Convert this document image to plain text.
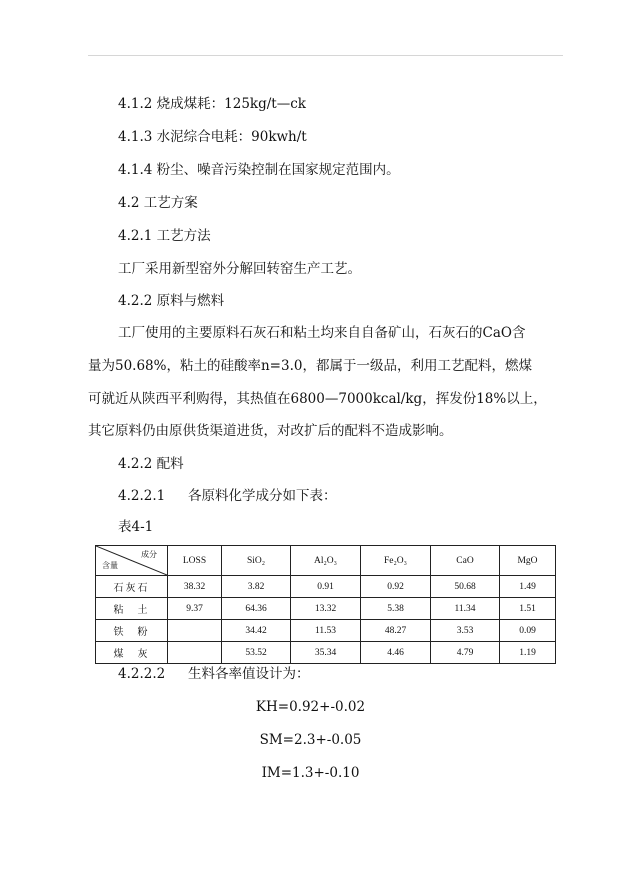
4.1.2 烧成煤耗：125kg/t—ck
4.1.3 水泥综合电耗：90kwh/t
4.1.4 粉尘、噪音污染控制在国家规定范围内。
4.2 工艺方案
4.2.1 工艺方法
工厂采用新型窑外分解回转窑生产工艺。
4.2.2 原料与燃料
工厂使用的主要原料石灰石和粘土均来自自备矿山，石灰石的CaO含
量为50.68%，粘土的硅酸率n=3.0，都属于一级品，利用工艺配料，燃煤
可就近从陕西平利购得，其热值在6800—7000kcal/kg，挥发份18%以上，
其它原料仍由原供货渠道进货，对改扩后的配料不造成影响。
4.2.2 配料
4.2.2.1 各原料化学成分如下表：
表4-1
成分
含量	LOSS	SiO₂	Al₂O₃	Fe₂O₃	CaO	MgO
石灰石	38.32	3.82	0.91	0.92	50.68	1.49
粘　土	9.37	64.36	13.32	5.38	11.34	1.51
铁　粉		34.42	11.53	48.27	3.53	0.09
煤　灰		53.52	35.34	4.46	4.79	1.19
4.2.2.2 生料各率值设计为：
KH=0.92+-0.02
SM=2.3+-0.05
IM=1.3+-0.10
